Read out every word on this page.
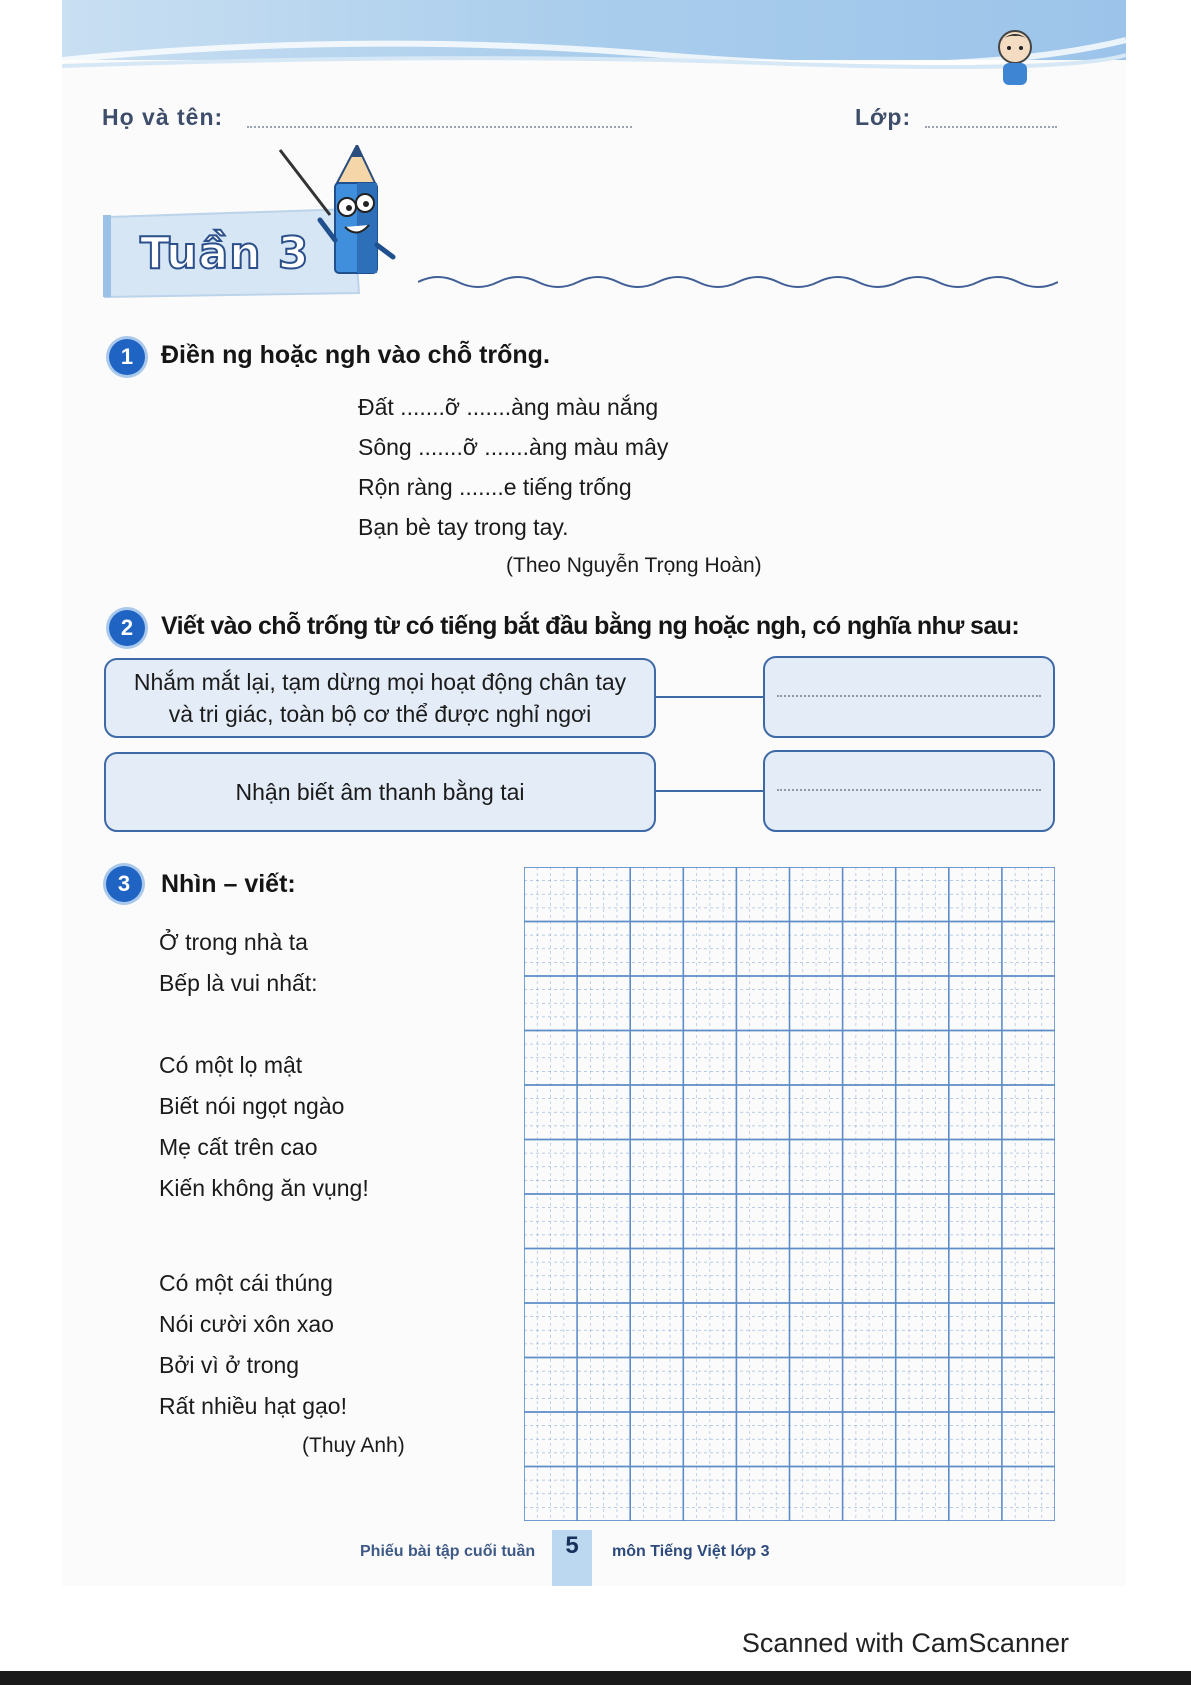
Họ và tên:	Lớp:
Tuần 3
1	Điền ng hoặc ngh vào chỗ trống.
Đất .......ỡ .......àng màu nắng
Sông .......ỡ .......àng màu mây
Rộn ràng .......e tiếng trống
Bạn bè tay trong tay.
(Theo Nguyễn Trọng Hoàn)
2	Viết vào chỗ trống từ có tiếng bắt đầu bằng ng hoặc ngh, có nghĩa như sau:
Nhắm mắt lại, tạm dừng mọi hoạt động chân tay
và tri giác, toàn bộ cơ thể được nghỉ ngơi
Nhận biết âm thanh bằng tai
3	Nhìn – viết:
Ở trong nhà ta
Bếp là vui nhất:
Có một lọ mật
Biết nói ngọt ngào
Mẹ cất trên cao
Kiến không ăn vụng!
Có một cái thúng
Nói cười xôn xao
Bởi vì ở trong
Rất nhiều hạt gạo!
(Thuy Anh)
Phiếu bài tập cuối tuần	5	môn Tiếng Việt lớp 3
Scanned with CamScanner
